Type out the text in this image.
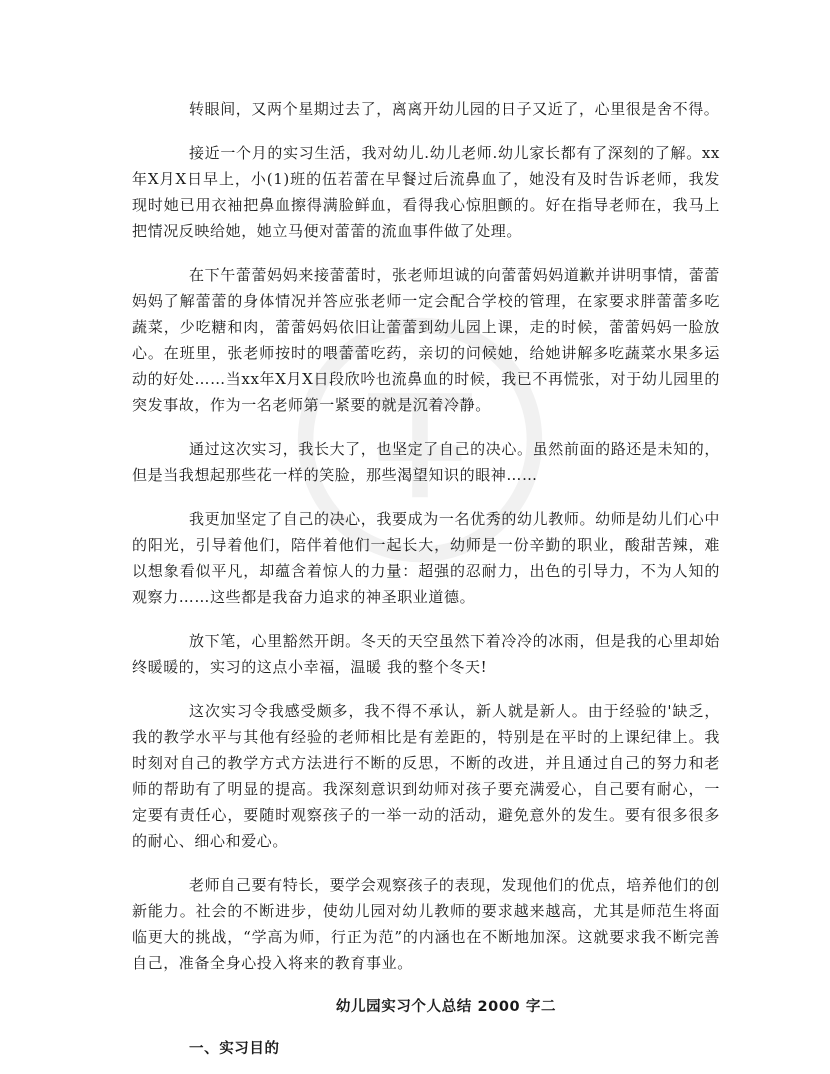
转眼间，又两个星期过去了，离离开幼儿园的日子又近了，心里很是舍不得。

接近一个月的实习生活，我对幼儿.幼儿老师.幼儿家长都有了深刻的了解。xx年X月X日早上，小(1)班的伍若蕾在早餐过后流鼻血了，她没有及时告诉老师，我发现时她已用衣袖把鼻血擦得满脸鲜血，看得我心惊胆颤的。好在指导老师在，我马上把情况反映给她，她立马便对蕾蕾的流血事件做了处理。

在下午蕾蕾妈妈来接蕾蕾时，张老师坦诚的向蕾蕾妈妈道歉并讲明事情，蕾蕾妈妈了解蕾蕾的身体情况并答应张老师一定会配合学校的管理，在家要求胖蕾蕾多吃蔬菜，少吃糖和肉，蕾蕾妈妈依旧让蕾蕾到幼儿园上课，走的时候，蕾蕾妈妈一脸放心。在班里，张老师按时的喂蕾蕾吃药，亲切的问候她，给她讲解多吃蔬菜水果多运动的好处……当xx年X月X日段欣吟也流鼻血的时候，我已不再慌张，对于幼儿园里的突发事故，作为一名老师第一紧要的就是沉着冷静。

通过这次实习，我长大了，也坚定了自己的决心。虽然前面的路还是未知的，但是当我想起那些花一样的笑脸，那些渴望知识的眼神……

我更加坚定了自己的决心，我要成为一名优秀的幼儿教师。幼师是幼儿们心中的阳光，引导着他们，陪伴着他们一起长大，幼师是一份辛勤的职业，酸甜苦辣，难以想象看似平凡，却蕴含着惊人的力量：超强的忍耐力，出色的引导力，不为人知的观察力……这些都是我奋力追求的神圣职业道德。

放下笔，心里豁然开朗。冬天的天空虽然下着冷冷的冰雨，但是我的心里却始终暖暖的，实习的这点小幸福，温暖 我的整个冬天!

这次实习令我感受颇多，我不得不承认，新人就是新人。由于经验的'缺乏，我的教学水平与其他有经验的老师相比是有差距的，特别是在平时的上课纪律上。我时刻对自己的教学方式方法进行不断的反思，不断的改进，并且通过自己的努力和老师的帮助有了明显的提高。我深刻意识到幼师对孩子要充满爱心，自己要有耐心，一定要有责任心，要随时观察孩子的一举一动的活动，避免意外的发生。要有很多很多的耐心、细心和爱心。

老师自己要有特长，要学会观察孩子的表现，发现他们的优点，培养他们的创新能力。社会的不断进步，使幼儿园对幼儿教师的要求越来越高，尤其是师范生将面临更大的挑战，“学高为师，行正为范”的内涵也在不断地加深。这就要求我不断完善自己，准备全身心投入将来的教育事业。

幼儿园实习个人总结 2000 字二

一、实习目的
